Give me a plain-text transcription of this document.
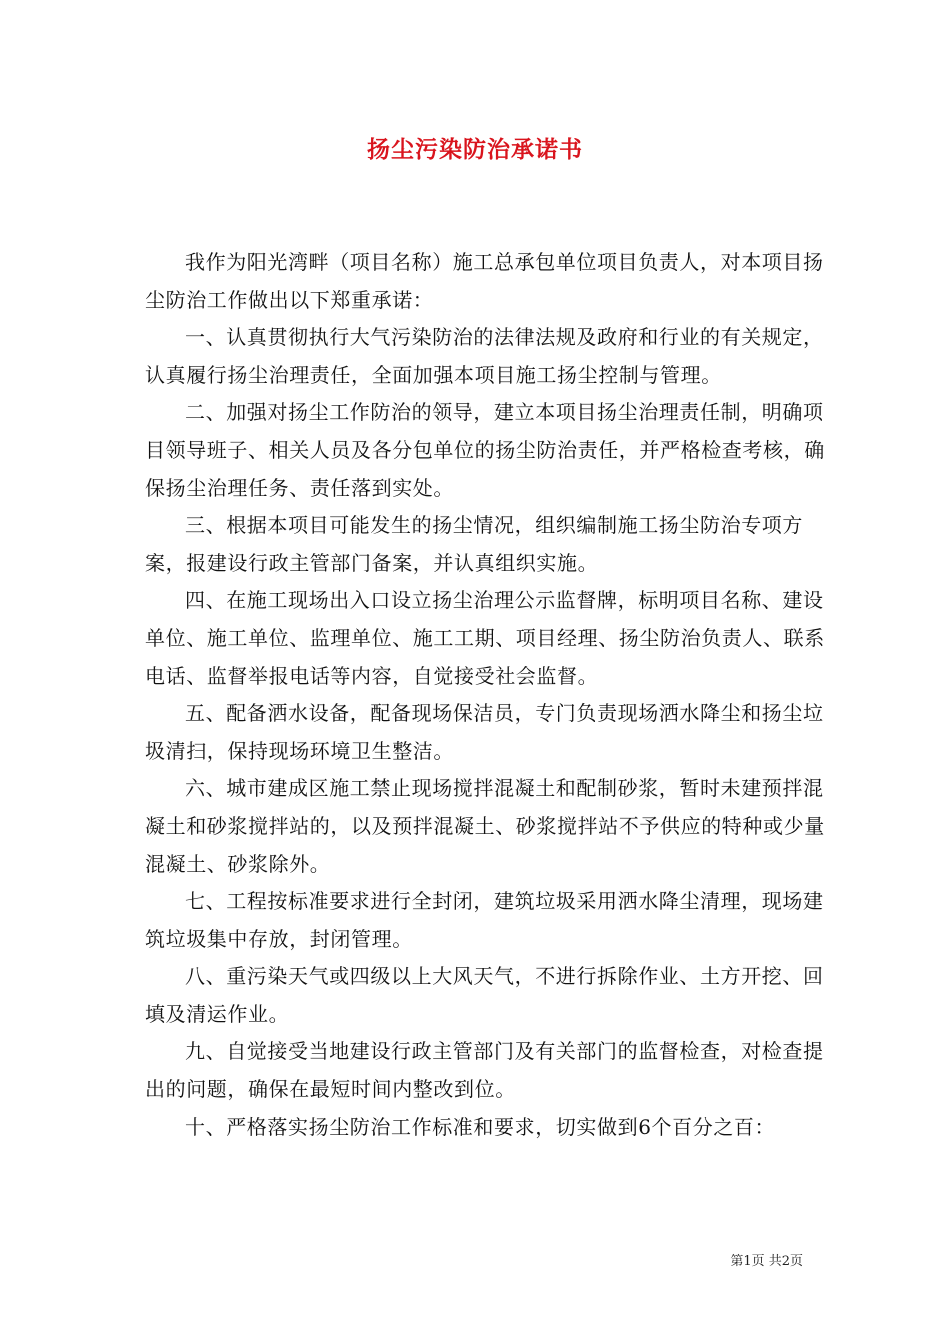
扬尘污染防治承诺书

我作为阳光湾畔（项目名称）施工总承包单位项目负责人，对本项目扬尘防治工作做出以下郑重承诺：

一、认真贯彻执行大气污染防治的法律法规及政府和行业的有关规定，认真履行扬尘治理责任，全面加强本项目施工扬尘控制与管理。

二、加强对扬尘工作防治的领导，建立本项目扬尘治理责任制，明确项目领导班子、相关人员及各分包单位的扬尘防治责任，并严格检查考核，确保扬尘治理任务、责任落到实处。

三、根据本项目可能发生的扬尘情况，组织编制施工扬尘防治专项方案，报建设行政主管部门备案，并认真组织实施。

四、在施工现场出入口设立扬尘治理公示监督牌，标明项目名称、建设单位、施工单位、监理单位、施工工期、项目经理、扬尘防治负责人、联系电话、监督举报电话等内容，自觉接受社会监督。

五、配备洒水设备，配备现场保洁员，专门负责现场洒水降尘和扬尘垃圾清扫，保持现场环境卫生整洁。

六、城市建成区施工禁止现场搅拌混凝土和配制砂浆，暂时未建预拌混凝土和砂浆搅拌站的，以及预拌混凝土、砂浆搅拌站不予供应的特种或少量混凝土、砂浆除外。

七、工程按标准要求进行全封闭，建筑垃圾采用洒水降尘清理，现场建筑垃圾集中存放，封闭管理。

八、重污染天气或四级以上大风天气，不进行拆除作业、土方开挖、回填及清运作业。

九、自觉接受当地建设行政主管部门及有关部门的监督检查，对检查提出的问题，确保在最短时间内整改到位。

十、严格落实扬尘防治工作标准和要求，切实做到6个百分之百：

第1页 共2页
